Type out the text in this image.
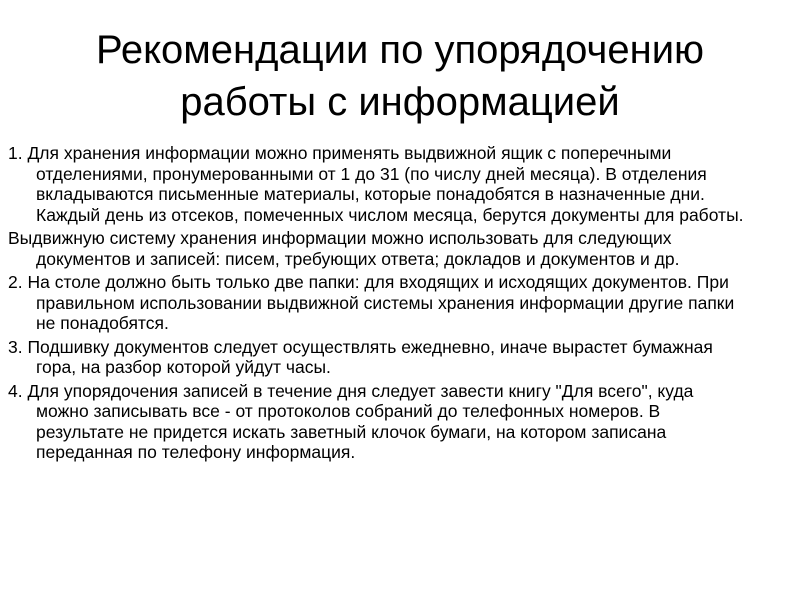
Рекомендации по упорядочению
работы с информацией
1. Для хранения информации можно применять выдвижной ящик с поперечными отделениями, пронумерованными от 1 до 31 (по числу дней месяца). В отделения вкладываются письменные материалы, которые понадобятся в назначенные дни. Каждый день из отсеков, помеченных числом месяца, берутся документы для работы.
Выдвижную систему хранения информации можно использовать для следующих документов и записей: писем, требующих ответа; докладов и документов и др.
2. На столе должно быть только две папки: для входящих и исходящих документов. При правильном использовании выдвижной системы хранения информации другие папки не понадобятся.
3. Подшивку документов следует осуществлять ежедневно, иначе вырастет бумажная гора, на разбор которой уйдут часы.
4. Для упорядочения записей в течение дня следует завести книгу "Для всего", куда можно записывать все - от протоколов собраний до телефонных номеров. В результате не придется искать заветный клочок бумаги, на котором записана переданная по телефону информация.
